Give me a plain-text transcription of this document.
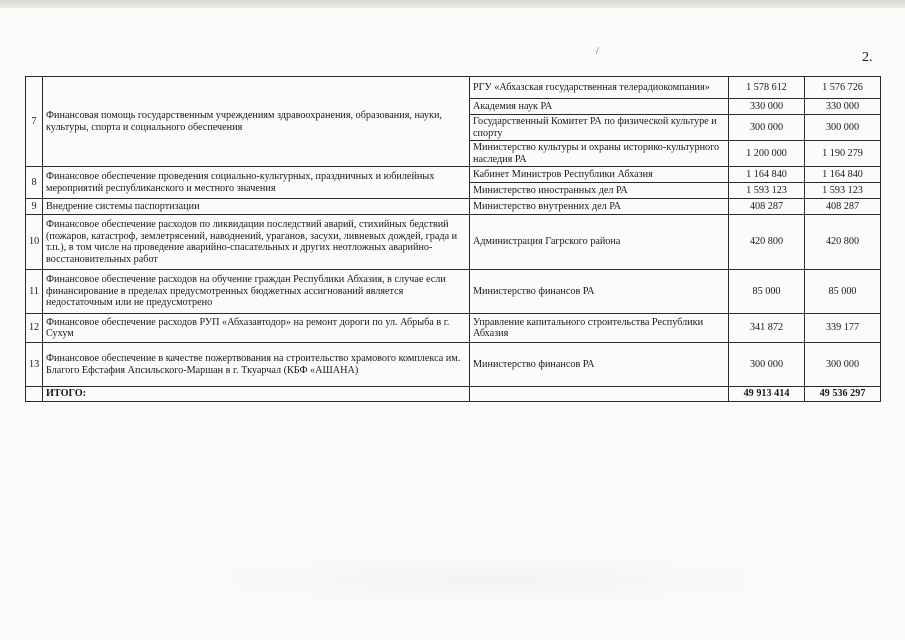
/	2.
7	Финансовая помощь государственным учреждениям здравоохранения, образования, науки, культуры, спорта и социального обеспечения	РГУ «Абхазская государственная телерадиокомпания»	1 578 612	1 576 726
		Академия наук РА	330 000	330 000
		Государственный Комитет РА по физической культуре и спорту	300 000	300 000
		Министерство культуры и охраны историко-культурного наследия РА	1 200 000	1 190 279
8	Финансовое обеспечение проведения социально-культурных, праздничных и юбилейных мероприятий республиканского и местного значения	Кабинет Министров Республики Абхазия	1 164 840	1 164 840
		Министерство иностранных дел РА	1 593 123	1 593 123
9	Внедрение системы паспортизации	Министерство внутренних дел РА	408 287	408 287
10	Финансовое обеспечение расходов по ликвидации последствий аварий, стихийных бедствий (пожаров, катастроф, землетрясений, наводнений, ураганов, засухи, ливневых дождей, града и т.п.), в том числе на проведение аварийно-спасательных и других неотложных аварийно-восстановительных работ	Администрация Гагрского района	420 800	420 800
11	Финансовое обеспечение расходов на обучение граждан Республики Абхазия, в случае если финансирование в пределах предусмотренных бюджетных ассигнований является недостаточным или не предусмотрено	Министерство финансов РА	85 000	85 000
12	Финансовое обеспечение расходов РУП «Абхазавтодор» на ремонт дороги по ул. Абрыба в г. Сухум	Управление капитального строительства Республики Абхазия	341 872	339 177
13	Финансовое обеспечение в качестве пожертвования на строительство храмового комплекса им. Благого Ефстафия Апсильского-Маршан в г. Ткуарчал (КБФ «АШАНА)	Министерство финансов РА	300 000	300 000
	ИТОГО:		49 913 414	49 536 297
